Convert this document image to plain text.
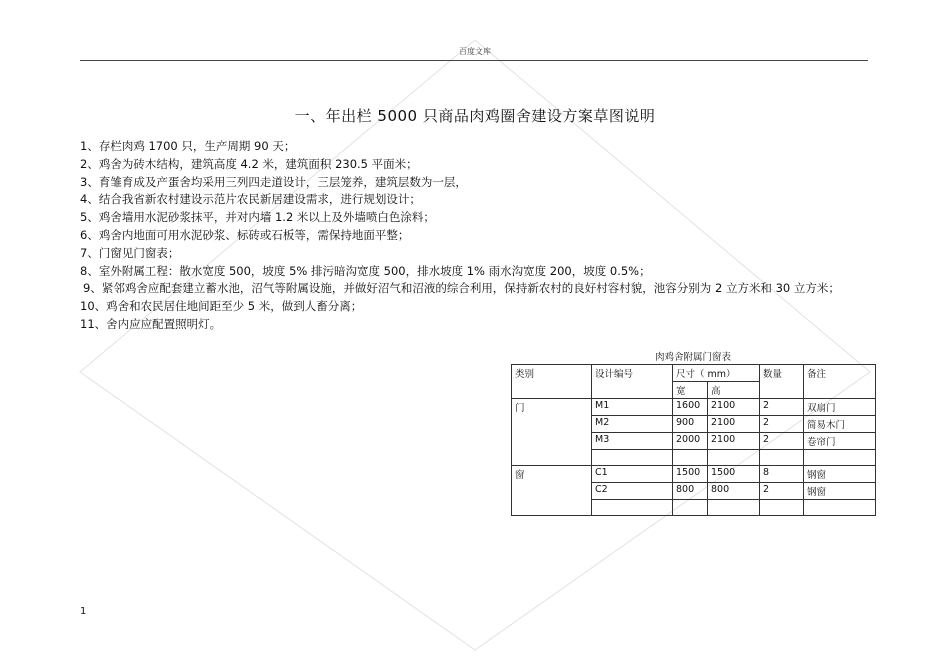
百度文库
一、年出栏 5000 只商品肉鸡圈舍建设方案草图说明
1、存栏肉鸡 1700 只，生产周期 90 天；
2、鸡舍为砖木结构，建筑高度 4.2 米，建筑面积 230.5 平面米；
3、育雏育成及产蛋舍均采用三列四走道设计，三层笼养，建筑层数为一层，
4、结合我省新农村建设示范片农民新居建设需求，进行规划设计；
5、鸡舍墙用水泥砂浆抹平，并对内墙 1.2 米以上及外墙喷白色涂料；
6、鸡舍内地面可用水泥砂浆、标砖或石板等，需保持地面平整；
7、门窗见门窗表；
8、室外附属工程：散水宽度 500，坡度 5% 排污暗沟宽度 500，排水坡度 1% 雨水沟宽度 200，坡度 0.5%；
9、紧邻鸡舍应配套建立蓄水池，沼气等附属设施，并做好沼气和沼液的综合利用，保持新农村的良好村容村貌，池容分别为 2 立方米和 30 立方米；
10、鸡舍和农民居住地间距至少 5 米，做到人畜分离；
11、舍内应应配置照明灯。
肉鸡舍附属门窗表
类别	设计编号	尺寸（ mm）		数量	备注
		宽	高		
门	M1	1600	2100	2	双扇门
	M2	900	2100	2	简易木门
	M3	2000	2100	2	卷帘门

窗	C1	1500	1500	8	钢窗
	C2	800	800	2	钢窗

1
